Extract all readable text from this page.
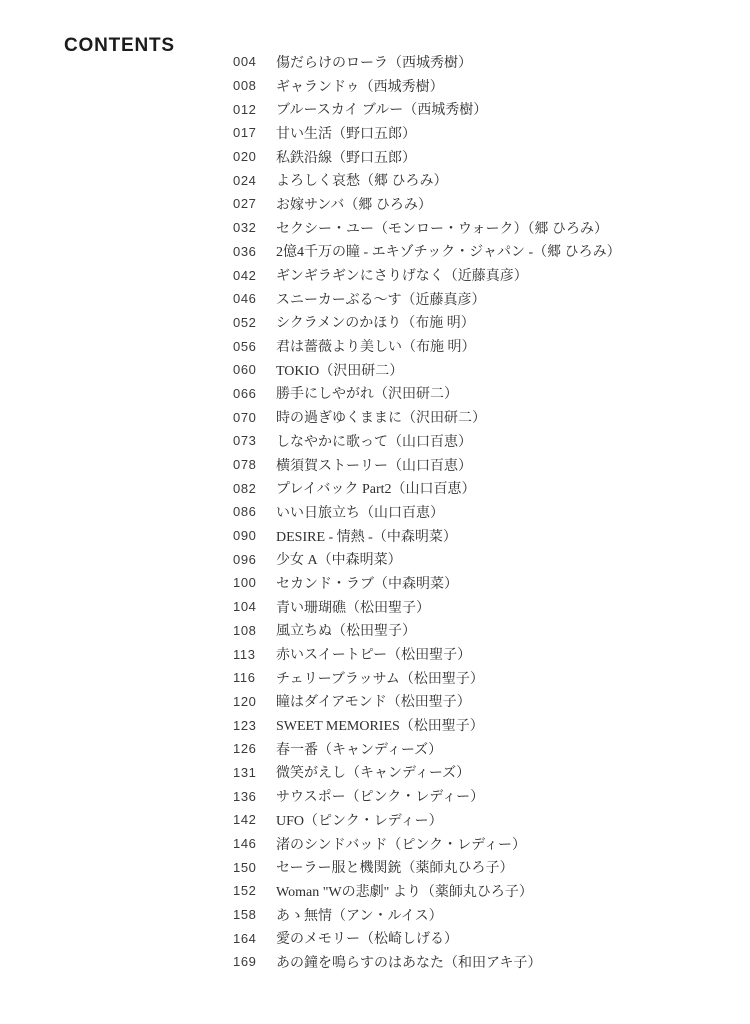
CONTENTS
004	傷だらけのローラ（西城秀樹）
008	ギャランドゥ（西城秀樹）
012	ブルースカイ ブルー（西城秀樹）
017	甘い生活（野口五郎）
020	私鉄沿線（野口五郎）
024	よろしく哀愁（郷 ひろみ）
027	お嫁サンバ（郷 ひろみ）
032	セクシー・ユー（モンロー・ウォーク）（郷 ひろみ）
036	2億4千万の瞳 - エキゾチック・ジャパン -（郷 ひろみ）
042	ギンギラギンにさりげなく（近藤真彦）
046	スニーカーぶる～す（近藤真彦）
052	シクラメンのかほり（布施 明）
056	君は薔薇より美しい（布施 明）
060	TOKIO（沢田研二）
066	勝手にしやがれ（沢田研二）
070	時の過ぎゆくままに（沢田研二）
073	しなやかに歌って（山口百恵）
078	横須賀ストーリー（山口百恵）
082	プレイバック Part2（山口百恵）
086	いい日旅立ち（山口百恵）
090	DESIRE - 情熱 -（中森明菜）
096	少女 A（中森明菜）
100	セカンド・ラブ（中森明菜）
104	青い珊瑚礁（松田聖子）
108	風立ちぬ（松田聖子）
113	赤いスイートピー（松田聖子）
116	チェリーブラッサム（松田聖子）
120	瞳はダイアモンド（松田聖子）
123	SWEET MEMORIES（松田聖子）
126	春一番（キャンディーズ）
131	微笑がえし（キャンディーズ）
136	サウスポー（ピンク・レディー）
142	UFO（ピンク・レディー）
146	渚のシンドバッド（ピンク・レディー）
150	セーラー服と機関銃（薬師丸ひろ子）
152	Woman "Wの悲劇" より（薬師丸ひろ子）
158	あゝ無情（アン・ルイス）
164	愛のメモリー（松崎しげる）
169	あの鐘を鳴らすのはあなた（和田アキ子）
